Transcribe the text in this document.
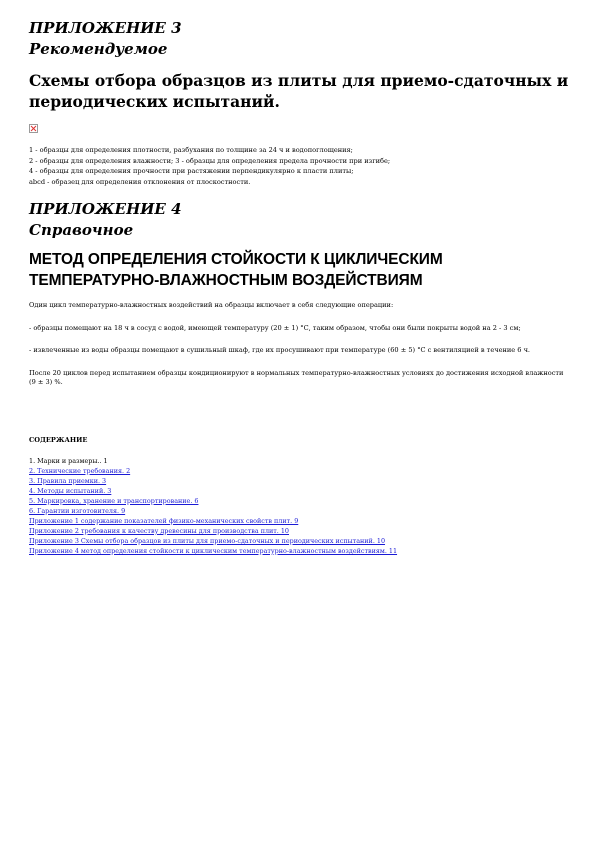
ПРИЛОЖЕНИЕ 3

Рекомендуемое

Схемы отбора образцов из плиты для приемо-сдаточных и периодических испытаний.

1 - образцы для определения плотности, разбухания по толщине за 24 ч и водопоглощения;

2 - образцы для определения влажности; 3 - образцы для определения предела прочности при изгибе;

4 - образцы для определения прочности при растяжении перпендикулярно к пласти плиты;

abcd - образец для определения отклонения от плоскостности.

ПРИЛОЖЕНИЕ 4

Справочное

МЕТОД ОПРЕДЕЛЕНИЯ СТОЙКОСТИ К ЦИКЛИЧЕСКИМ ТЕМПЕРАТУРНО-ВЛАЖНОСТНЫМ ВОЗДЕЙСТВИЯМ

Один цикл температурно-влажностных воздействий на образцы включает в себя следующие операции:

- образцы помещают на 18 ч в сосуд с водой, имеющей температуру (20 ± 1) °С, таким образом, чтобы они были покрыты водой на 2 - 3 см;

- извлеченные из воды образцы помещают в сушильный шкаф, где их просушивают при температуре (60 ± 5) °С с вентиляцией в течение 6 ч.

После 20 циклов перед испытанием образцы кондиционируют в нормальных температурно-влажностных условиях до достижения исходной влажности (9 ± 3) %.

СОДЕРЖАНИЕ

1. Марки и размеры.. 1
2. Технические требования. 2
3. Правила приемки. 3
4. Методы испытаний. 3
5. Маркировка, хранение и транспортирование. 6
6. Гарантии изготовителя. 9
Приложение 1 содержание показателей физико-механических свойств плит. 9
Приложение 2 требования к качеству древесины для производства плит. 10
Приложение 3 Схемы отбора образцов из плиты для приемо-сдаточных и периодических испытаний. 10
Приложение 4 метод определения стойкости к циклическим температурно-влажностным воздействиям. 11
